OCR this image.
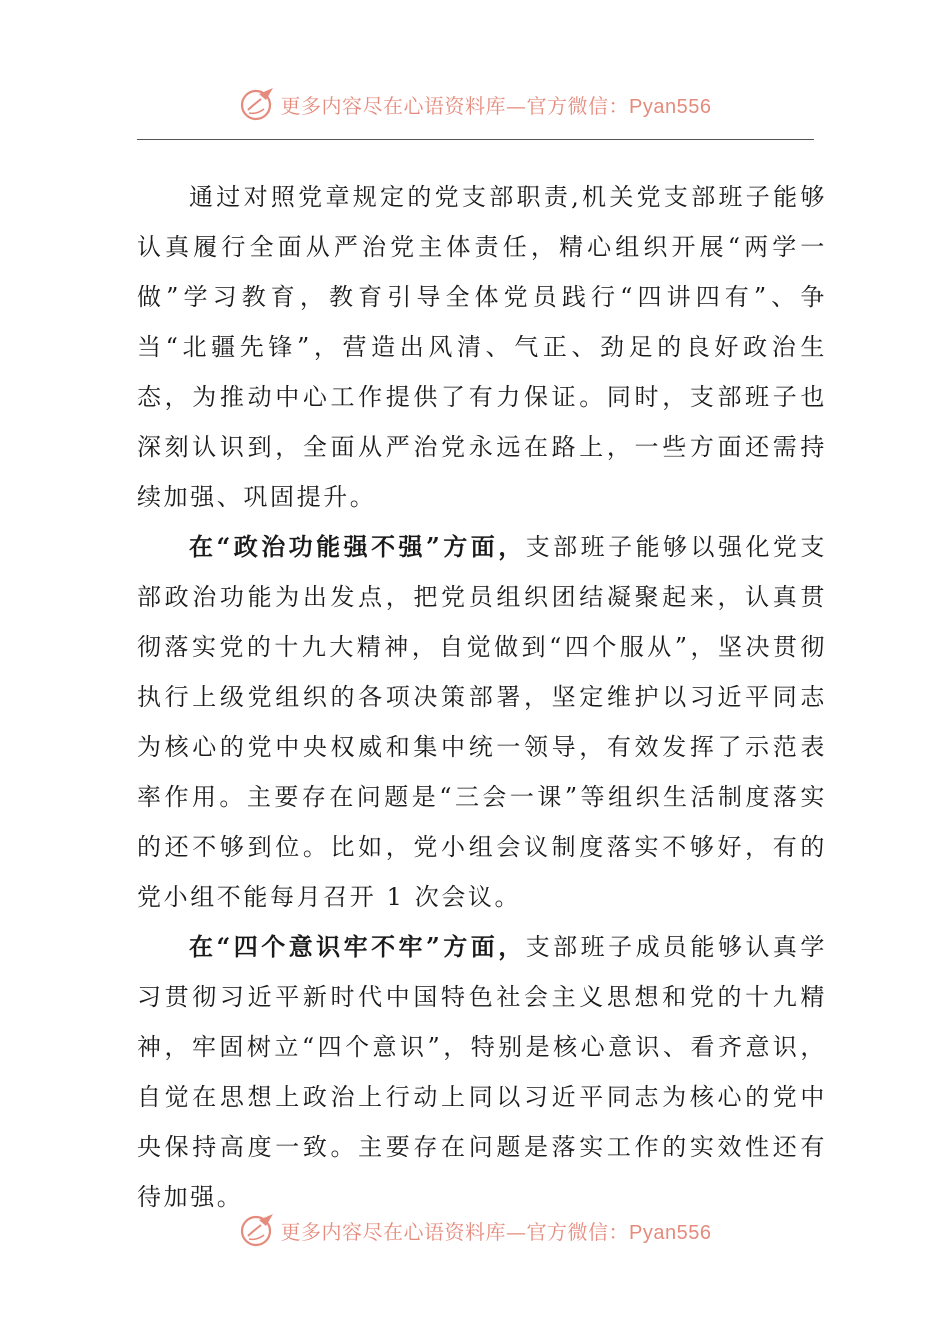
更多内容尽在心语资料库—官方微信：Pyan556

通过对照党章规定的党支部职责,机关党支部班子能够认真履行全面从严治党主体责任，精心组织开展“两学一做”学习教育，教育引导全体党员践行“四讲四有”、争当“北疆先锋”，营造出风清、气正、劲足的良好政治生态，为推动中心工作提供了有力保证。同时，支部班子也深刻认识到，全面从严治党永远在路上，一些方面还需持续加强、巩固提升。

在“政治功能强不强”方面，支部班子能够以强化党支部政治功能为出发点，把党员组织团结凝聚起来，认真贯彻落实党的十九大精神，自觉做到“四个服从”，坚决贯彻执行上级党组织的各项决策部署，坚定维护以习近平同志为核心的党中央权威和集中统一领导，有效发挥了示范表率作用。主要存在问题是“三会一课”等组织生活制度落实的还不够到位。比如，党小组会议制度落实不够好，有的党小组不能每月召开 1 次会议。

在“四个意识牢不牢”方面，支部班子成员能够认真学习贯彻习近平新时代中国特色社会主义思想和党的十九精神，牢固树立“四个意识”，特别是核心意识、看齐意识，自觉在思想上政治上行动上同以习近平同志为核心的党中央保持高度一致。主要存在问题是落实工作的实效性还有待加强。

更多内容尽在心语资料库—官方微信：Pyan556
